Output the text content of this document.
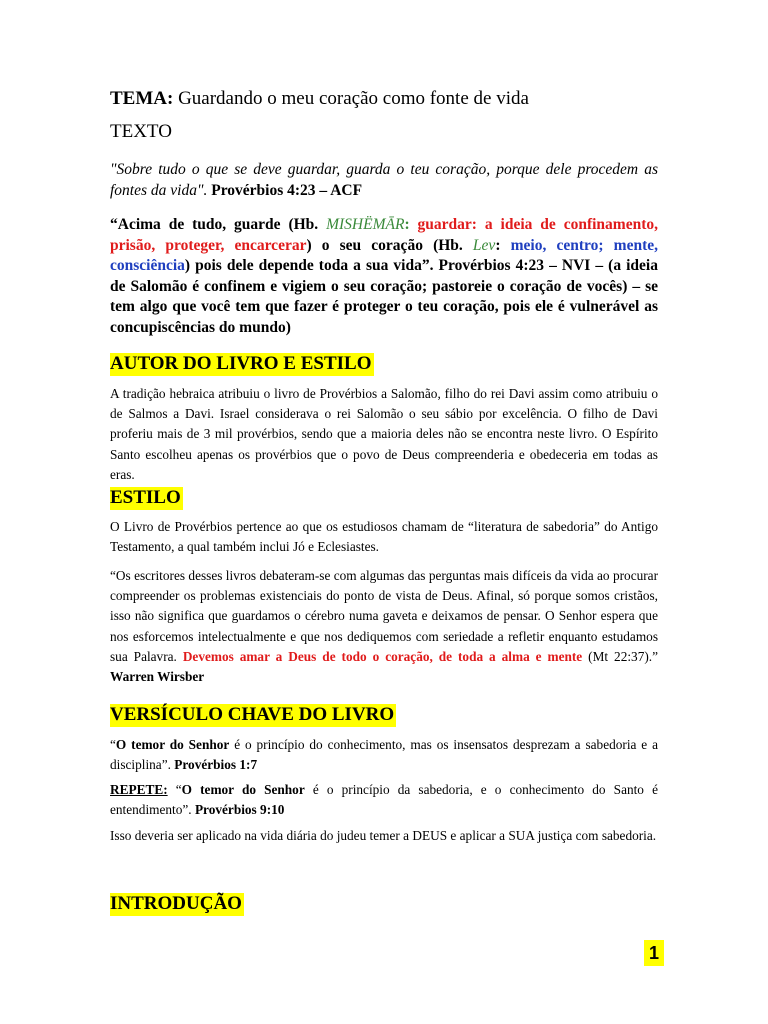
TEMA: Guardando o meu coração como fonte de vida

TEXTO

"Sobre tudo o que se deve guardar, guarda o teu coração, porque dele procedem as fontes da vida". Provérbios 4:23 – ACF

“Acima de tudo, guarde (Hb. MISHËMĀR: guardar: a ideia de confinamento, prisão, proteger, encarcerar) o seu coração (Hb. Lev: meio, centro; mente, consciência) pois dele depende toda a sua vida”. Provérbios 4:23 – NVI – (a ideia de Salomão é confinem e vigiem o seu coração; pastoreie o coração de vocês) – se tem algo que você tem que fazer é proteger o teu coração, pois ele é vulnerável as concupiscências do mundo)

AUTOR DO LIVRO E ESTILO

A tradição hebraica atribuiu o livro de Provérbios a Salomão, filho do rei Davi assim como atribuiu o de Salmos a Davi. Israel considerava o rei Salomão o seu sábio por excelência. O filho de Davi proferiu mais de 3 mil provérbios, sendo que a maioria deles não se encontra neste livro. O Espírito Santo escolheu apenas os provérbios que o povo de Deus compreenderia e obedeceria em todas as eras.

ESTILO

O Livro de Provérbios pertence ao que os estudiosos chamam de “literatura de sabedoria” do Antigo Testamento, a qual também inclui Jó e Eclesiastes.

“Os escritores desses livros debateram-se com algumas das perguntas mais difíceis da vida ao procurar compreender os problemas existenciais do ponto de vista de Deus. Afinal, só porque somos cristãos, isso não significa que guardamos o cérebro numa gaveta e deixamos de pensar. O Senhor espera que nos esforcemos intelectualmente e que nos dediquemos com seriedade a refletir enquanto estudamos sua Palavra. Devemos amar a Deus de todo o coração, de toda a alma e mente (Mt 22:37).” Warren Wirsber

VERSÍCULO CHAVE DO LIVRO

“O temor do Senhor é o princípio do conhecimento, mas os insensatos desprezam a sabedoria e a disciplina”. Provérbios 1:7

REPETE: “O temor do Senhor é o princípio da sabedoria, e o conhecimento do Santo é entendimento”. Provérbios 9:10

Isso deveria ser aplicado na vida diária do judeu temer a DEUS e aplicar a SUA justiça com sabedoria.

INTRODUÇÃO
1
